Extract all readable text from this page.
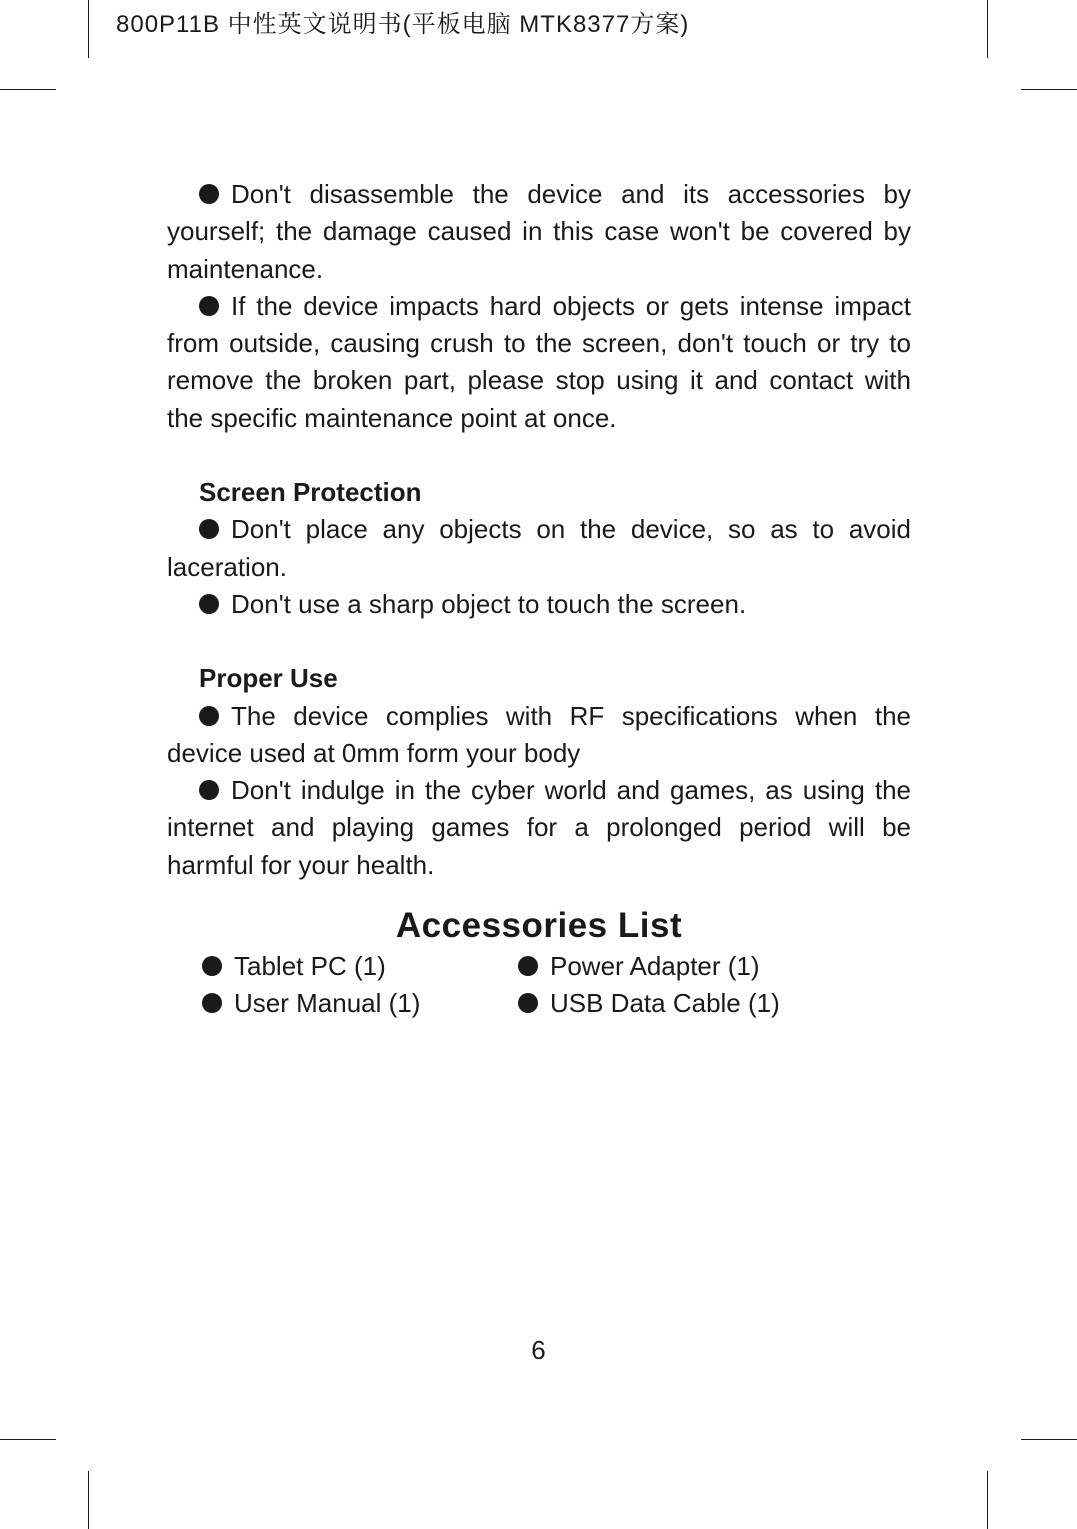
800P11B 中性英文说明书(平板电脑 MTK8377方案)

Don't disassemble the device and its accessories by yourself; the damage caused in this case won't be covered by maintenance.

If the device impacts hard objects or gets intense impact from outside, causing crush to the screen, don't touch or try to remove the broken part, please stop using it and contact with the specific maintenance point at once.

Screen Protection

Don't place any objects on the device, so as to avoid laceration.

Don't use a sharp object to touch the screen.

Proper Use

The device complies with RF specifications when the device used at 0mm form your body

Don't indulge in the cyber world and games, as using the internet and playing games for a prolonged period will be harmful for your health.

Accessories List

Tablet PC (1)	Power Adapter (1)
User Manual (1)	USB Data Cable (1)
6
